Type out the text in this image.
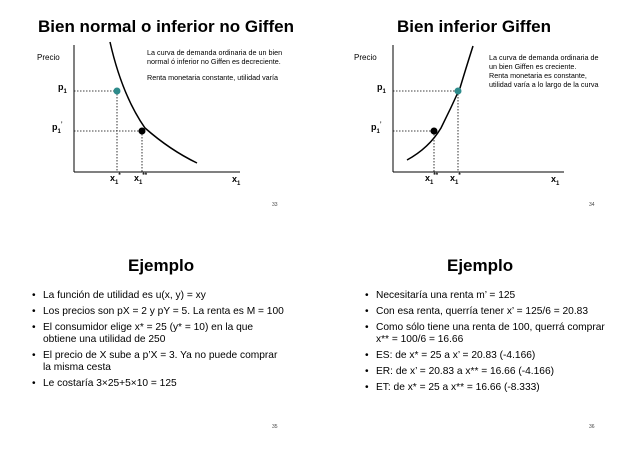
Bien normal o inferior no Giffen
Precio
$p_1$
$p_1^’$
$x_1^*$ $x_1^{**}$	$x_1$
La curva de demanda ordinaria de un bien normal ó inferior no Giffen es decreciente.
Renta monetaria constante, utilidad varía
33
Bien inferior Giffen
Precio
$p_1$
$p_1^’$
$x_1^{**}$ $x_1^*$	$x_1$
La curva de demanda ordinaria de un bien Giffen es creciente.
Renta monetaria es constante, utilidad varía a lo largo de la curva
34
Ejemplo
• La función de utilidad es u(x, y) = xy
• Los precios son pX = 2 y pY = 5. La renta es M = 100
• El consumidor elige x* = 25 (y* = 10) en la que obtiene una utilidad de 250
• El precio de X sube a p’X = 3. Ya no puede comprar la misma cesta
• Le costaría 3×25+5×10 = 125
35
Ejemplo
• Necesitaría una renta m’ = 125
• Con esa renta, querría tener x’ = 125/6 = 20.83
• Como sólo tiene una renta de 100, querrá comprar x** = 100/6 = 16.66
• ES: de x* = 25 a x’ = 20.83 (-4.166)
• ER: de x’ = 20.83 a x** = 16.66 (-4.166)
• ET: de x* = 25 a x** = 16.66 (-8.333)
36
